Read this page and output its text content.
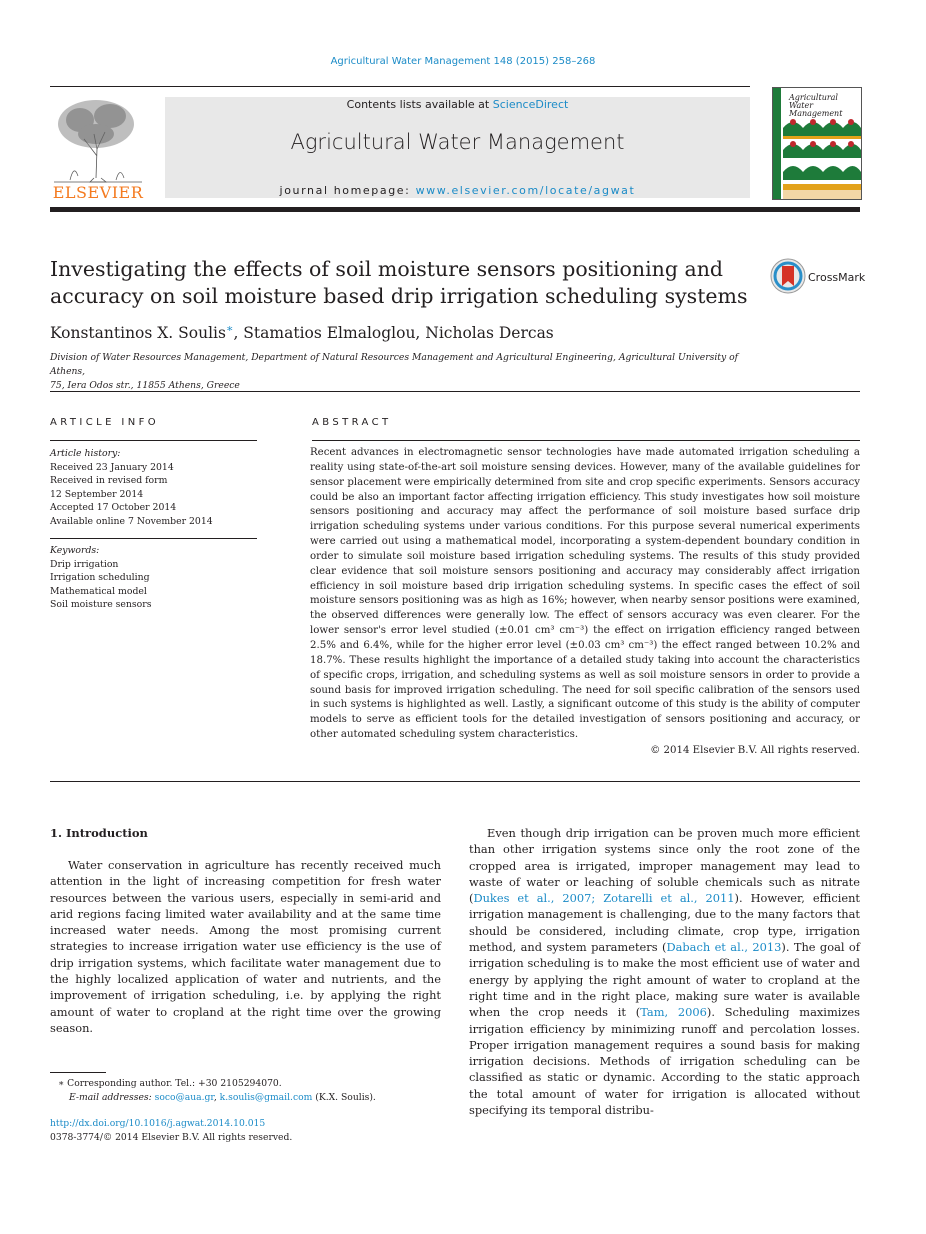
Agricultural Water Management 148 (2015) 258–268
ELSEVIER
Contents lists available at ScienceDirect
Agricultural Water Management
journal homepage: www.elsevier.com/locate/agwat
Agricultural
Water Management
Investigating the effects of soil moisture sensors positioning and accuracy on soil moisture based drip irrigation scheduling systems
CrossMark
Konstantinos X. Soulis∗, Stamatios Elmaloglou, Nicholas Dercas
Division of Water Resources Management, Department of Natural Resources Management and Agricultural Engineering, Agricultural University of Athens,
75, Iera Odos str., 11855 Athens, Greece
ARTICLE INFO	ABSTRACT
Article history:
Received 23 January 2014
Received in revised form
12 September 2014
Accepted 17 October 2014
Available online 7 November 2014
Keywords:
Drip irrigation
Irrigation scheduling
Mathematical model
Soil moisture sensors
Recent advances in electromagnetic sensor technologies have made automated irrigation scheduling a reality using state-of-the-art soil moisture sensing devices. However, many of the available guidelines for sensor placement were empirically determined from site and crop specific experiments. Sensors accuracy could be also an important factor affecting irrigation efficiency. This study investigates how soil moisture sensors positioning and accuracy may affect the performance of soil moisture based surface drip irrigation scheduling systems under various conditions. For this purpose several numerical experiments were carried out using a mathematical model, incorporating a system-dependent boundary condition in order to simulate soil moisture based irrigation scheduling systems. The results of this study provided clear evidence that soil moisture sensors positioning and accuracy may considerably affect irrigation efficiency in soil moisture based drip irrigation scheduling systems. In specific cases the effect of soil moisture sensors positioning was as high as 16%; however, when nearby sensor positions were examined, the observed differences were generally low. The effect of sensors accuracy was even clearer. For the lower sensor's error level studied (±0.01 cm³ cm⁻³) the effect on irrigation efficiency ranged between 2.5% and 6.4%, while for the higher error level (±0.03 cm³ cm⁻³) the effect ranged between 10.2% and 18.7%. These results highlight the importance of a detailed study taking into account the characteristics of specific crops, irrigation, and scheduling systems as well as soil moisture sensors in order to provide a sound basis for improved irrigation scheduling. The need for soil specific calibration of the sensors used in such systems is highlighted as well. Lastly, a significant outcome of this study is the ability of computer models to serve as efficient tools for the detailed investigation of sensors positioning and accuracy, or other automated scheduling system characteristics.
© 2014 Elsevier B.V. All rights reserved.
1. Introduction

Water conservation in agriculture has recently received much attention in the light of increasing competition for fresh water resources between the various users, especially in semi-arid and arid regions facing limited water availability and at the same time increased water needs. Among the most promising current strategies to increase irrigation water use efficiency is the use of drip irrigation systems, which facilitate water management due to the highly localized application of water and nutrients, and the improvement of irrigation scheduling, i.e. by applying the right amount of water to cropland at the right time over the growing season.

Even though drip irrigation can be proven much more efficient than other irrigation systems since only the root zone of the cropped area is irrigated, improper management may lead to waste of water or leaching of soluble chemicals such as nitrate (Dukes et al., 2007; Zotarelli et al., 2011). However, efficient irrigation management is challenging, due to the many factors that should be considered, including climate, crop type, irrigation method, and system parameters (Dabach et al., 2013). The goal of irrigation scheduling is to make the most efficient use of water and energy by applying the right amount of water to cropland at the right time and in the right place, making sure water is available when the crop needs it (Tam, 2006). Scheduling maximizes irrigation efficiency by minimizing runoff and percolation losses. Proper irrigation management requires a sound basis for making irrigation decisions. Methods of irrigation scheduling can be classified as static or dynamic. According to the static approach the total amount of water for irrigation is allocated without specifying its temporal distribu-

∗ Corresponding author. Tel.: +30 2105294070.
E-mail addresses: soco@aua.gr, k.soulis@gmail.com (K.X. Soulis).
http://dx.doi.org/10.1016/j.agwat.2014.10.015
0378-3774/© 2014 Elsevier B.V. All rights reserved.
